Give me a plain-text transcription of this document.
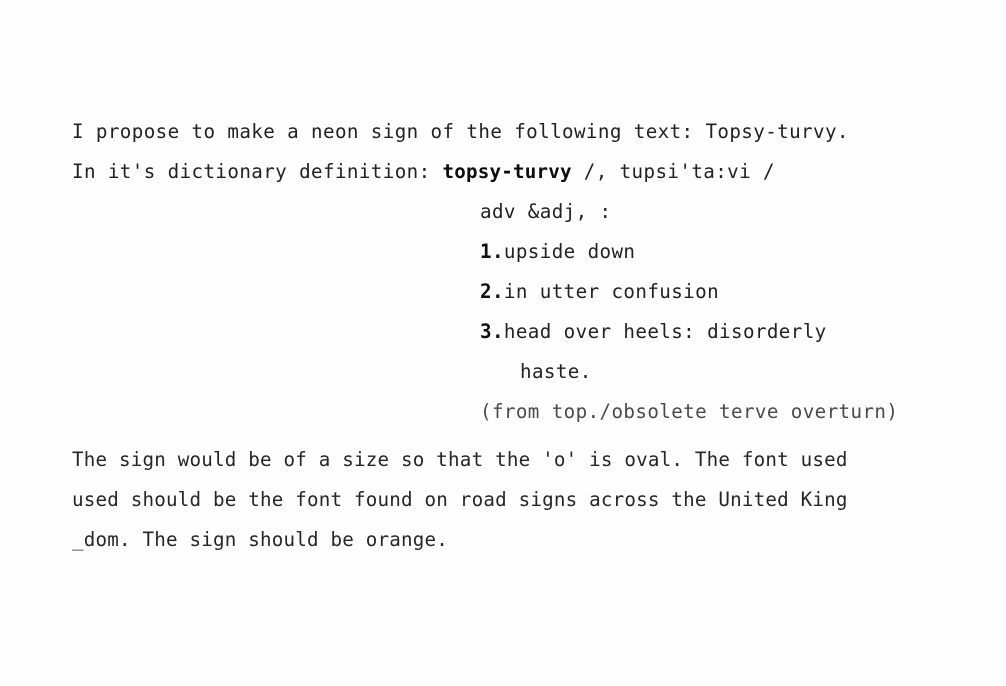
I propose to make a neon sign of the following text: Topsy-turvy.
In it's dictionary definition: topsy-turvy /, tupsi'ta:vi /
adv &adj, :
1.upside down
2.in utter confusion
3.head over heels: disorderly
haste.
(from top./obsolete terve overturn)
The sign would be of a size so that the 'o' is oval. The font used
used should be the font found on road signs across the United King
_dom. The sign should be orange.
